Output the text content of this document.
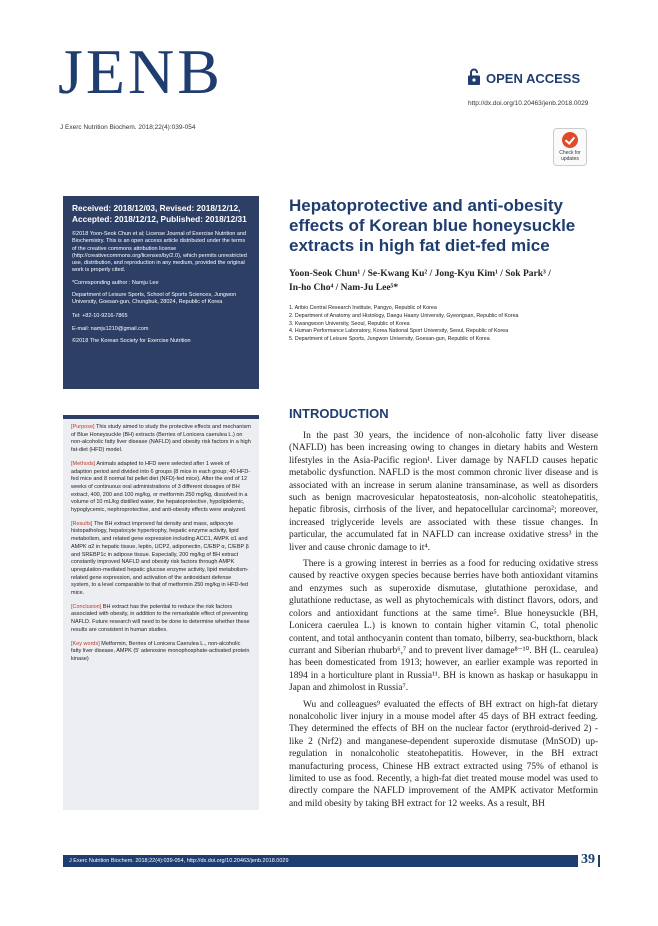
JENB
J Exerc Nutrition Biochem. 2018;22(4):039-054
OPEN ACCESS
http://dx.doi.org/10.20463/jenb.2018.0029
Check for updates
Received: 2018/12/03, Revised: 2018/12/12,
Accepted: 2018/12/12, Published: 2018/12/31

©2018 Yoon-Seok Chun et al; License Journal of Exercise Nutrition and Biochemistry. This is an open access article distributed under the terms of the creative commons attribution license (http://creativecommons.org/licenses/by/2.0), which permits unrestricted use, distribution, and reproduction in any medium, provided the original work is properly cited.

*Corresponding author : Namju Lee
Department of Leisure Sports, School of Sports Sciences, Jungwon University, Goesan-gun, Chungbuk, 28024, Republic of Korea

Tel: +82-10-9216-7865

E-mail: namju1210@gmail.com

©2018 The Korean Society for Exercise Nutrition

[Purpose] This study aimed to study the protective effects and mechanism of Blue Honeysuckle (BH) extracts (Berries of Lonicera caerulea L.) on non-alcoholic fatty liver disease (NAFLD) and obesity risk factors in a high fat-diet (HFD) model.
[Methods] Animals adapted to HFD were selected after 1 week of adaption period and divided into 6 groups (8 mice in each group; 40 HFD-fed mice and 8 normal fat pellet diet (NFD)-fed mice). After the end of 12 weeks of continuous oral administrations of 3 different dosages of BH extract, 400, 200 and 100 mg/kg, or metformin 250 mg/kg, dissolved in a volume of 10 mL/kg distilled water, the hepatoprotective, hypolipidemic, hypoglycemic, nephroprotective, and anti-obesity effects were analyzed.
[Results] The BH extract improved fat density and mass, adipocyte histopathology, hepatocyte hypertrophy, hepatic enzyme activity, lipid metabolism, and related gene expression including ACC1, AMPK α1 and AMPK α2 in hepatic tissue, leptin, UCP2, adiponectin, C/EBP α, C/EBP β and SREBP1c in adipose tissue. Especially, 200 mg/kg of BH extract constantly improved NAFLD and obesity risk factors through AMPK upregulation-mediated hepatic glucose enzyme activity, lipid metabolism-related gene expression, and activation of the antioxidant defense system, to a level comparable to that of metformin 250 mg/kg in HFD-fed mice.
[Conclusion] BH extract has the potential to reduce the risk factors associated with obesity, in addition to the remarkable effect of preventing NAFLD. Future research will need to be done to determine whether these results are consistent in human studies.
[Key words] Metformin, Berries of Lonicera Caerulea L., non-alcoholic fatty liver disease, AMPK (5' adenosine monophosphate-activated protein kinase)
Hepatoprotective and anti-obesity effects of Korean blue honeysuckle extracts in high fat diet-fed mice
Yoon-Seok Chun¹ / Se-Kwang Ku² / Jong-Kyu Kim¹ / Sok Park³ /
In-ho Cho⁴ / Nam-Ju Lee⁵*
1. Aribio Central Research Institute, Pangyo, Republic of Korea
2. Department of Anatomy and Histology, Daegu Haany University, Gyeongsan, Republic of Korea
3. Kwangwoon University, Seoul, Republic of Korea
4. Human Performance Laboratory, Korea National Sport University, Seoul, Republic of Korea
5. Department of Leisure Sports, Jungwon University, Goesan-gun, Republic of Korea
INTRODUCTION

In the past 30 years, the incidence of non-alcoholic fatty liver disease (NAFLD) has been increasing owing to changes in dietary habits and Western lifestyles in the Asia-Pacific region¹. Liver damage by NAFLD causes hepatic metabolic dysfunction. NAFLD is the most common chronic liver disease and is associated with an increase in serum alanine transaminase, as well as disorders such as benign macrovesicular hepatosteatosis, non-alcoholic steatohepatitis, hepatic fibrosis, cirrhosis of the liver, and hepatocellular carcinoma²; moreover, increased triglyceride levels are associated with these tissue changes. In particular, the accumulated fat in NAFLD can increase oxidative stress³ in the liver and cause chronic damage to it⁴.

There is a growing interest in berries as a food for reducing oxidative stress caused by reactive oxygen species because berries have both antioxidant vitamins and enzymes such as superoxide dismutase, glutathione peroxidase, and glutathione reductase, as well as phytochemicals with distinct flavors, odors, and colors and antioxidant functions at the same time⁵. Blue honeysuckle (BH, Lonicera caerulea L.) is known to contain higher vitamin C, total phenolic content, and total anthocyanin content than tomato, bilberry, sea-buckthorn, black currant and Siberian rhubarb⁶,⁷ and to prevent liver damage⁸⁻¹⁰. BH (L. cearulea) has been domesticated from 1913; however, an earlier example was reported in 1894 in a horticulture plant in Russia¹¹. BH is known as haskap or hasukappu in Japan and zhimolost in Russia⁷.

Wu and colleagues⁹ evaluated the effects of BH extract on high-fat dietary nonalcoholic liver injury in a mouse model after 45 days of BH extract feeding. They determined the effects of BH on the nuclear factor (erythroid-derived 2) -like 2 (Nrf2) and manganese-dependent superoxide dismutase (MnSOD) up-regulation in nonalcoholic steatohepatitis. However, in the BH extract manufacturing process, Chinese HB extract extracted using 75% of ethanol is limited to use as food. Recently, a high-fat diet treated mouse model was used to directly compare the NAFLD improvement of the AMPK activator Metformin and mild obesity by taking BH extract for 12 weeks. As a result, BH

J Exerc Nutrition Biochem. 2018;22(4):039-054, http://dx.doi.org/10.20463/jenb.2018.0029	39
